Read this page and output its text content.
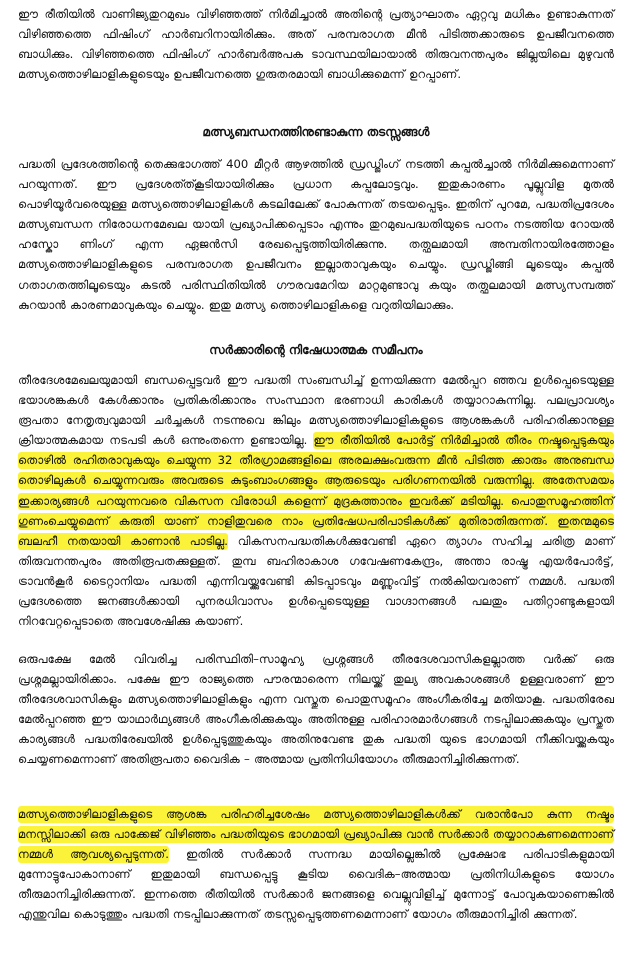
ഈ രീതിയിൽ വാണിജ്യതുറമുഖം വിഴിഞ്ഞത്ത് നിർമിച്ചാൽ അതിന്റെ പ്രത്യാഘാതം ഏറ്റവു മധികം ഉണ്ടാകുന്നത് വിഴിഞ്ഞത്തെ ഫിഷിംഗ് ഹാർബറിനായിരിക്കും. അത് പരമ്പരാഗത മീൻ പിടിത്തക്കാരുടെ ഉപജീവനത്തെ ബാധിക്കും. വിഴിഞ്ഞത്തെ ഫിഷിംഗ് ഹാർബർഅപക ടാവസ്ഥയിലായാൽ തിരുവനന്തപുരം ജില്ലയിലെ മുഴുവൻ മത്സ്യത്തൊഴിലാളികളുടെയും ഉപജീവനത്തെ ഗുരുതരമായി ബാധിക്കുമെന്ന് ഉറപ്പാണ്.

മത്സ്യബന്ധനത്തിനുണ്ടാകുന്ന തടസ്സങ്ങൾ

പദ്ധതി പ്രദേശത്തിന്റെ തെക്കുഭാഗത്ത് 400 മീറ്റർ ആഴത്തിൽ ഡ്രഡ്ജിംഗ് നടത്തി കപ്പൽച്ചാൽ നിർമിക്കുമെന്നാണ് പറയുന്നത്. ഈ പ്രദേശത്ത്കൂടിയായിരിക്കും പ്രധാന കപ്പലോട്ടവും. ഇതുകാരണം പൂല്ലുവിള മുതൽ പൊഴിയൂർവരെയുള്ള മത്സ്യത്തൊഴിലാളികൾ കടലിലേക്ക് പോകുന്നത് തടയപ്പെടും. ഇതിന് പുറമേ, പദ്ധതിപ്രദേശം മത്സ്യബന്ധന നിരോധനമേഖല യായി പ്രഖ്യാപിക്കപ്പെടാം എന്നും തുറമുഖപദ്ധതിയുടെ പഠനം നടത്തിയ റോയൽ ഹസ്കോ ണിംഗ് എന്ന ഏജൻസി രേഖപ്പെടുത്തിയിരിക്കുന്നു. തത്ഫലമായി അമ്പതിനായിരത്തോളം മത്സ്യത്തൊഴിലാളികളുടെ പരമ്പരാഗത ഉപജീവനം ഇല്ലാതാവുകയും ചെയ്യും. ഡ്രഡ്ജിങ്ങി ലൂടെയും കപ്പൽ ഗതാഗതത്തിലൂടെയും കടൽ പരിസ്ഥിതിയിൽ ഗൗരവമേറിയ മാറ്റമുണ്ടാവു കയും തത്ഫലമായി മത്സ്യസമ്പത്ത് കുറയാൻ കാരണമാവുകയും ചെയ്യും. ഇതു മത്സ്യ ത്തൊഴിലാളികളെ വറുതിയിലാക്കും.

സർക്കാരിന്റെ നിഷേധാത്മക സമീപനം

തീരദേശമേഖലയുമായി ബന്ധപ്പെട്ടവർ ഈ പദ്ധതി സംബന്ധിച്ച് ഉന്നയിക്കുന്ന മേൽപ്പറ ഞ്ഞവ ഉൾപ്പെടെയുള്ള ഭയാശങ്കകൾ കേൾക്കാനും പ്രതികരിക്കാനും സംസ്ഥാന ഭരണാധി കാരികൾ തയ്യാറാകുന്നില്ല. പലപ്രാവശ്യം രൂപതാ നേതൃത്വവുമായി ചർച്ചകൾ നടന്നുവെ ങ്കിലും മത്സ്യത്തൊഴിലാളികളുടെ ആശങ്കകൾ പരിഹരിക്കാനുള്ള ക്രിയാത്മകമായ നടപടി കൾ ഒന്നുംതന്നെ ഉണ്ടായില്ല. ഈ രീതിയിൽ പോർട്ട് നിർമിച്ചാൽ തീരം നഷ്ടപ്പെടുകയും തൊഴിൽ രഹിതരാവുകയും ചെയ്യുന്ന 32 തീരഗ്രാമങ്ങളിലെ അരലക്ഷംവരുന്ന മീൻ പിടിത്ത ക്കാരും അനുബന്ധ തൊഴിലുകൾ ചെയ്യുന്നവരും അവരുടെ കുടുംബാംഗങ്ങളും ആരുടെയും പരിഗണനയിൽ വരുന്നില്ല. അതേസമയം ഇക്കാര്യങ്ങൾ പറയുന്നവരെ വികസന വിരോധി കളെന്ന് മുദ്രകുത്താനും ഇവർക്ക് മടിയില്ല. പൊതുസമൂഹത്തിന് ഗുണംചെയ്യുമെന്ന് കരുതി യാണ് നാളിതുവരെ നാം പ്രതിഷേധപരിപാടികൾക്ക് മുതിരാതിരുന്നത്. ഇതന്മമുടെ ബലഹീ നതയായി കാണാൻ പാടില്ല. വികസനപദ്ധതികൾക്കുവേണ്ടി ഏറെ ത്യാഗം സഹിച്ച ചരിത്ര മാണ് തിരുവനന്തപുരം അതിരൂപതക്കുള്ളത്. തുമ്പ ബഹിരാകാശ ഗവേഷണകേന്ദ്രം, അന്താ രാഷ്ട്ര എയർപോർട്ട്, ട്രാവൻകൂർ ടൈറ്റാനിയം പദ്ധതി എന്നിവയ്ക്കുവേണ്ടി കിടപ്പാടവും മണ്ണുംവിട്ട് നൽകിയവരാണ് നമ്മൾ. പദ്ധതി പ്രദേശത്തെ ജനങ്ങൾക്കായി പുനരധിവാസം ഉൾപ്പെടെയുള്ള വാഗ്ദാനങ്ങൾ പലതും പതിറ്റാണ്ടുകളായി നിറവേറ്റപ്പെടാതെ അവശേഷിക്കു കയാണ്.

ഒരുപക്ഷേ മേൽ വിവരിച്ച പരിസ്ഥിതി–സാമൂഹ്യ പ്രശ്നങ്ങൾ തീരദേശവാസികളല്ലാത്ത വർക്ക് ഒരു പ്രശ്നമല്ലായിരിക്കാം. പക്ഷേ ഈ രാജ്യത്തെ പൗരന്മാരെന്ന നിലയ്ക്ക് തുല്യ അവകാശങ്ങൾ ഉള്ളവരാണ് ഈ തീരദേശവാസികളും മത്സ്യത്തൊഴിലാളികളും എന്ന വസ്തുത പൊതുസമൂഹം അംഗീകരിച്ചേ മതിയാകൂ. പദ്ധതിരേഖ മേൽപ്പറഞ്ഞ ഈ യാഥാർഥ്യങ്ങൾ അംഗീകരിക്കുകയും അതിനുള്ള പരിഹാരമാർഗങ്ങൾ നടപ്പിലാക്കുകയും പ്രസ്തുത കാര്യങ്ങൾ പദ്ധതിരേഖയിൽ ഉൾപ്പെടുത്തുകയും അതിനുവേണ്ട തുക പദ്ധതി യുടെ ഭാഗമായി നീക്കിവയ്ക്കുകയും ചെയ്യണമെന്നാണ് അതിരൂപതാ വൈദിക – അത്മായ പ്രതിനിധിയോഗം തീരുമാനിച്ചിരിക്കുന്നത്.

മത്സ്യത്തൊഴിലാളികളുടെ ആശങ്ക പരിഹരിച്ചശേഷം മത്സ്യത്തൊഴിലാളികൾക്ക് വരാൻപോ കുന്ന നഷ്ടം മനസ്സിലാക്കി ഒരു പാക്കേജ് വിഴിഞ്ഞം പദ്ധതിയുടെ ഭാഗമായി പ്രഖ്യാപിക്കു വാൻ സർക്കാർ തയ്യാറാകണമെന്നാണ് നമ്മൾ ആവശ്യപ്പെടുന്നത്. ഇതിൽ സർക്കാർ സന്നദ്ധ മായില്ലെങ്കിൽ പ്രക്ഷോഭ പരിപാടികളുമായി മുന്നോട്ടുപോകാനാണ് ഇതുമായി ബന്ധപ്പെട്ടു കൂടിയ വൈദിക–അത്മായ പ്രതിനിധികളുടെ യോഗം തീരുമാനിച്ചിരിക്കുന്നത്. ഇന്നത്തെ രീതിയിൽ സർക്കാർ ജനങ്ങളെ വെല്ലുവിളിച്ച് മുന്നോട്ട് പോവുകയാണെങ്കിൽ എന്തുവില കൊടുത്തും പദ്ധതി നടപ്പിലാക്കുന്നത് തടസ്സപ്പെടുത്തണമെന്നാണ് യോഗം തീരുമാനിച്ചിരി ക്കുന്നത്.
